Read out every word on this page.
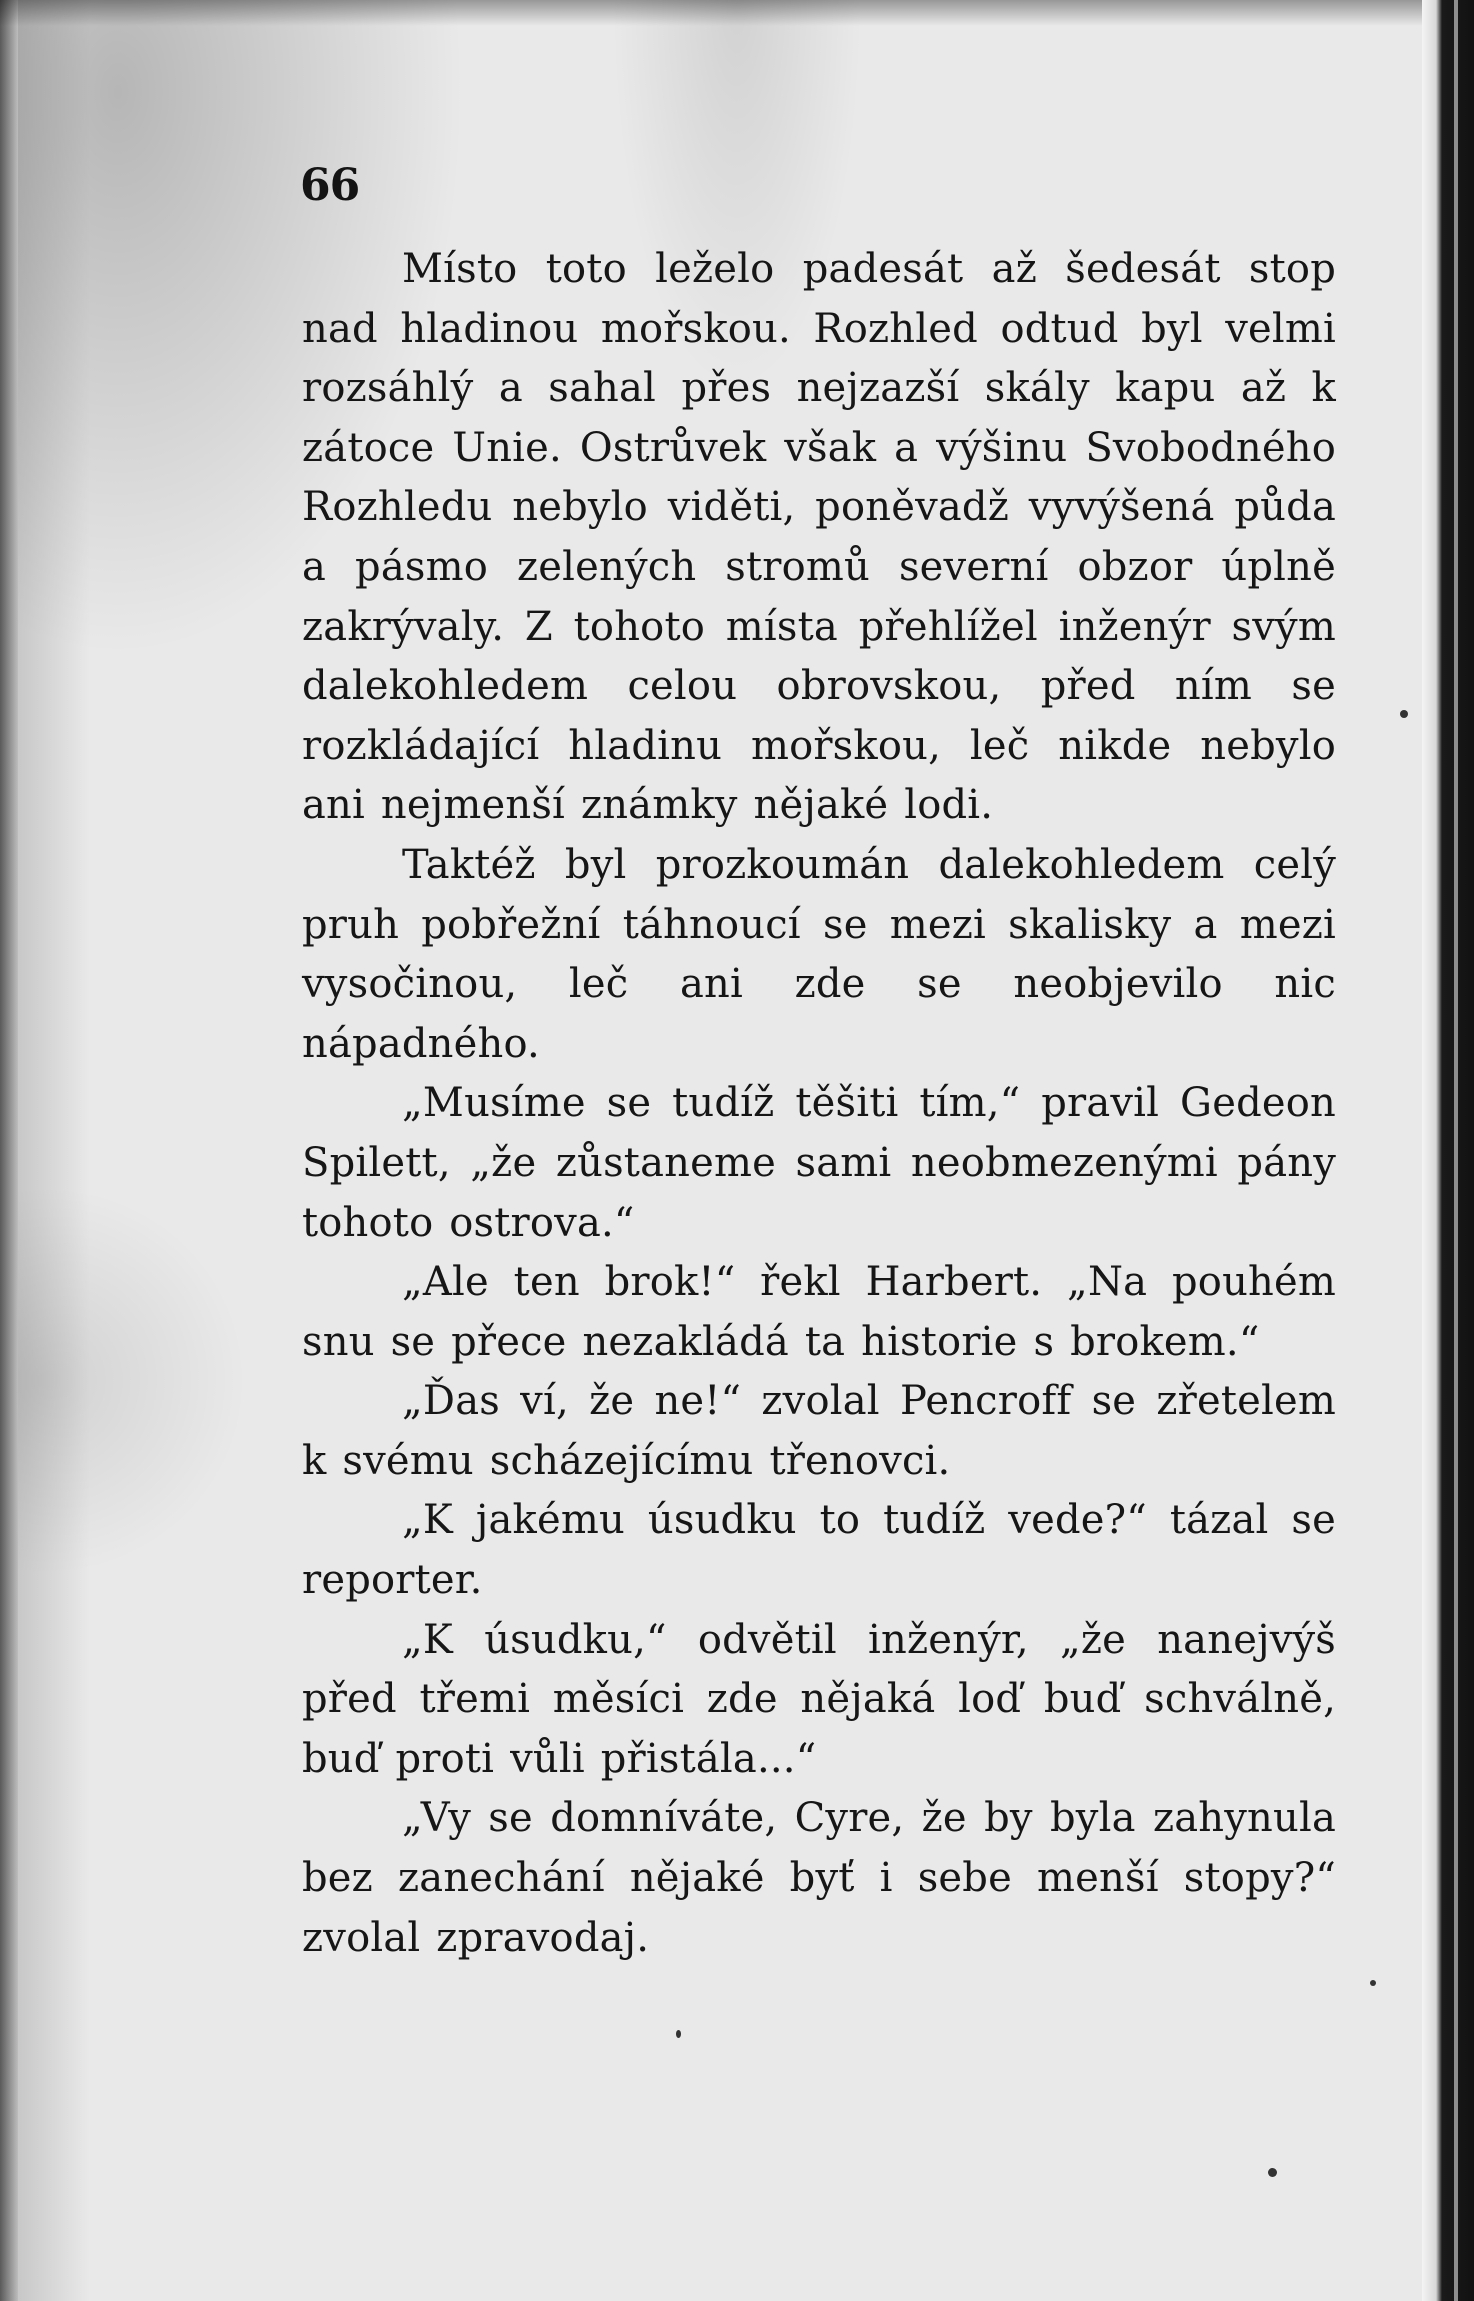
66

Místo toto leželo padesát až šedesát stop nad hladinou mořskou. Rozhled odtud byl velmi rozsáhlý a sahal přes nejzazší skály kapu až k zátoce Unie. Ostrůvek však a výšinu Svobodného Rozhledu nebylo viděti, poněvadž vyvýšená půda a pásmo zelených stromů severní obzor úplně zakrývaly. Z tohoto místa přehlížel inženýr svým dalekohledem celou obrovskou, před ním se rozkládající hladinu mořskou, leč nikde nebylo ani nejmenší známky nějaké lodi.

Taktéž byl prozkoumán dalekohledem celý pruh pobřežní táhnoucí se mezi skalisky a mezi vysočinou, leč ani zde se neobjevilo nic nápadného.

„Musíme se tudíž těšiti tím,“ pravil Gedeon Spilett, „že zůstaneme sami neobmezenými pány tohoto ostrova.“

„Ale ten brok!“ řekl Harbert. „Na pouhém snu se přece nezakládá ta historie s brokem.“

„Ďas ví, že ne!“ zvolal Pencroff se zřetelem k svému scházejícímu třenovci.

„K jakému úsudku to tudíž vede?“ tázal se reporter.

„K úsudku,“ odvětil inženýr, „že nanejvýš před třemi měsíci zde nějaká loď buď schválně, buď proti vůli přistála...“

„Vy se domníváte, Cyre, že by byla zahynula bez zanechání nějaké byť i sebe menší stopy?“ zvolal zpravodaj.
